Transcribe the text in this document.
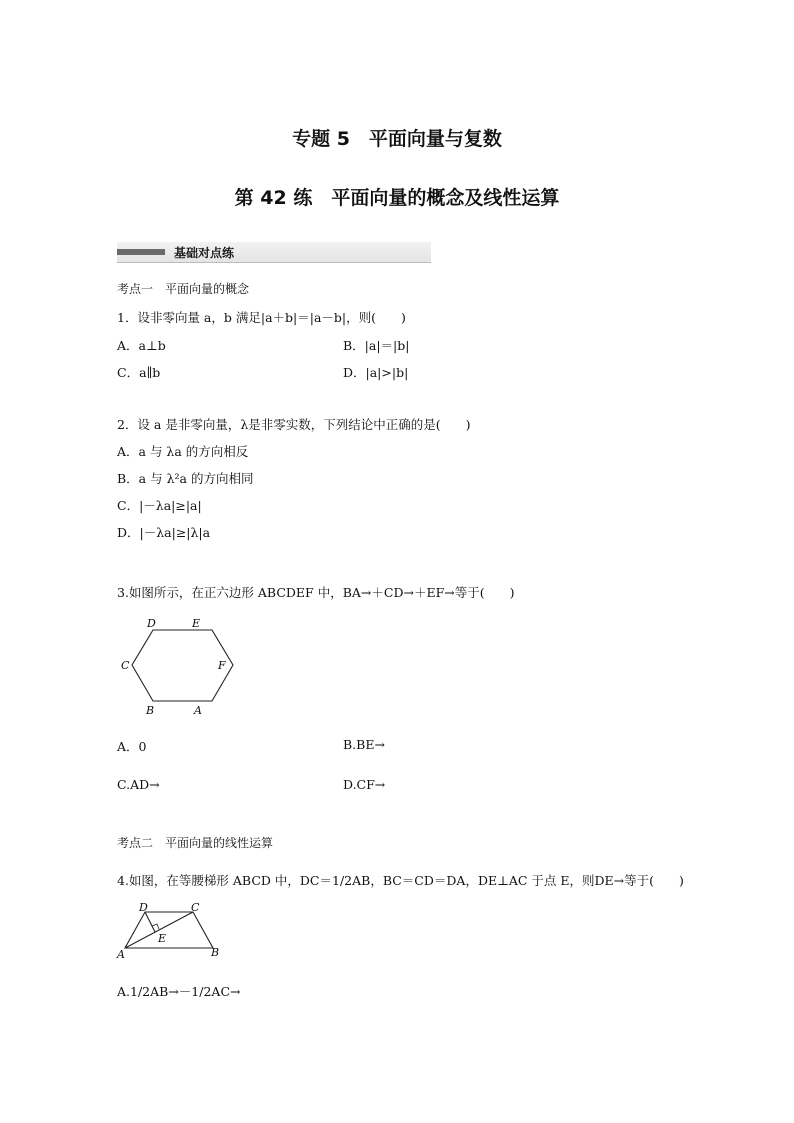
专题 5　平面向量与复数
第 42 练　平面向量的概念及线性运算
基础对点练
考点一　平面向量的概念
1．设非零向量 a，b 满足|a＋b|＝|a－b|，则(　　)
A．a⊥b	B．|a|＝|b|
C．a∥b	D．|a|>|b|
2．设 a 是非零向量，λ是非零实数，下列结论中正确的是(　　)
A．a 与 λa 的方向相反
B．a 与 λ²a 的方向相同
C．|－λa|≥|a|
D．|－λa|≥|λ|a
3.如图所示，在正六边形 ABCDEF 中，BA→＋CD→＋EF→等于(　　)
D	E
C	F
B	A
A．0	B.BE→
C.AD→	D.CF→
考点二　平面向量的线性运算
4.如图，在等腰梯形 ABCD 中，DC＝1/2AB，BC＝CD＝DA，DE⊥AC 于点 E，则DE→等于(　　)
D	C
E
A	B
A.1/2AB→－1/2AC→
